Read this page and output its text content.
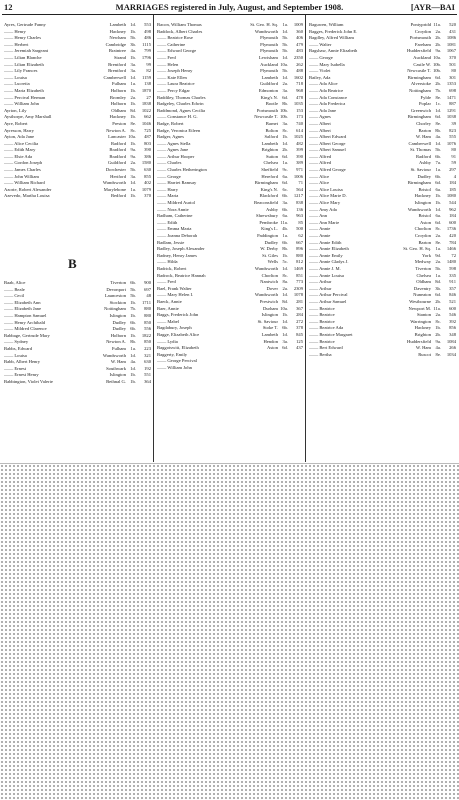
12	MARRIAGES registered in July, August, and September 1908.	[AYR—BAI
Ayres, Gertrude Fanny	Lambeth 1d. 553
—— Henry	Hackney 1b. 498
—— Henry Charles	Newham 5b. 486
—— Herbert	Cambridge 3b. 1115
—— Jeremiah Sargeant	Braintree 4a. 799
—— Lilian Blanche	Strand 1b. 1796
—— Lilian Elizabeth	Brentford 3a. 99
—— Lily Frances	Brentford 3a. 82
—— Louisa	Camberwell 1d. 1159
—— Lucretia	Fulham 1a. 138
—— Maria Elizabeth	Holborn 1b. 1870
—— Percival Herman	Bromley 2a. 27
—— William John	Holborn 1b. 1838
Ayrton, Lily	Oldham 8d. 1022
Aysthorpe, Amy Marshall	Hackney 1b. 662
Ayre, Robert	Preston 8e. 1046
Ayresson, Harry	Newton A. 8c. 725
Ayton, Ada Jane	Lancaster 10a. 487
—— Alice Cecilia	Radford 1b. 803
—— Edith Mary	Bradford 9a. 390
—— Elsie Ada	Bradford 9a. 386
—— Gordon Joseph	Guildford 2a. 1580
—— James Charles	Dorchester 5b. 630
—— John William	Hertford 3a. 855
—— William Richard	Wandsworth 1d. 402
Azorie, Robert Alexander	Marylebone 1a. 1079
Azevedo, Martha Louisa	Bedford 1b. 370
B
Baab, Alice	Tiverton 6b. 900
—— Beale	Devonport 5b. 697
—— Cecil	Launceston 5b. 48
—— Elizabeth Ann	Stockton 1b. 1711
—— Elizabeth Jane	Nottingham 7b. 880
—— Hampton Samuel	Islington 1b. 880
—— Henry Archibald	Dudley 6b. 850
—— Mildred Clarence	Dudley 6b. 556
Babbage, Gertrude Mary	Holborn 1b. 1822
—— Sydney	Newton A. 8b. 850
Babbs, Edward	Fulham 1a. 223
—— Louisa	Wandsworth 1d. 321
Babb, Albert Henry	W. Ham 4a. 630
—— Ernest	Southwark 1d. 192
—— Ernest Henry	Islington 1b. 551
Babbington, Violet Valerie	Bethnal G. 1b. 364
Bacon, William Thomas	St. Geo. H. Sq. 1a. 1009
Baddock, Albert Charles	Wandsworth 1d. 360
—— Beatrice Rose	Plymouth 5b. 406
—— Catherine	Plymouth 5b. 479
—— Edward George	Plymouth 5b. 483
—— Fred	Lewisham 1d. 2350
—— Helen	Auckland 10a. 262
—— Joseph Henry	Plymouth 5b. 488
—— Kate Ellen	Lambeth 1d. 1602
—— Laura Beatrice	Guildford 2a. 718
—— Percy Edgar	Edmonton 3a. 968
Baddiley, Thomas Charles	King's N. 6d. 478
Badgeley, Charles Edwin	Bootle 8b. 1035
Baddmond, Agnes Cecilia	Portsmouth 10b. 153
—— Constance H. G.	Newcastle T. 10b. 173
Badge, Robert	Barnet 3a. 740
Badge, Veronica Eileen	Bolton 8c. 614
Badger, Agnes	Salford 1b. 1025
—— Agnes Stella	Lambeth 1d. 482
—— Agnes Jane	Brighton 2b. 399
—— Arthur Hooper	Sutton 6d. 390
—— Charles	Chelsea 1a. 389
—— Charles Hetherington	Sheffield 9c. 971
—— George	Hereford 6a. 1006
—— Harriet Ramsay	Birmingham 6d. 71
—— Harry	King's N. 6c. 564
—— Maria	Blackford 6b. 1217
—— Mildred Auriol	Beaconsfield 3a. 838
—— Nora Annie	Ashby 6b. 136
Badham, Catherine	Shrewsbury 6a. 963
—— Edith	Pembroke 11a. 85
—— Emma Maria	King's L. 4b. 500
—— Joanna Deborah	Paddington 1a. 62
Badlam, Jessie	Dudley 6b. 667
Badley, Joseph Alexander	W. Derby 8b. 896
Badney, Henry James	St. Giles 1b. 880
—— Hilda	Wells 5c. 812
Badrick, Robert	Wandsworth 1d. 1469
Badrock, Beatrice Hannah	Chorlton 8c. 851
—— Fred	Nantwich 8a. 773
Bael, Frank Walter	Dover 2a. 2309
—— Mary Helen I.	Wandsworth 1d. 1078
Baeck, Annie	Prestwich 8d. 281
Baer, Annie	Durham 10a. 367
Baggs, Frederick John	Islington 1b. 284
—— Mabel	St. Saviour 1d. 272
Bagdabury, Joseph	Stoke T. 6b. 378
Bagge, Elizabeth Alice	Lambeth 1d. 845
—— Lydia	Hendon 3a. 125
Baggotswitt, Elizabeth	Aston 6d. 437
Baggerty, Emily
—— George Percival
—— William John
Baguwen, William	Pontypridd 11a. 520
Bagges, Frederick John E.	Croydon 2a. 431
Bagdley, Alfred William	Portsmouth 2b. 1086
—— Walter	Fareham 2b. 1081
Bagshaw, Annie Elizabeth	Huddersfield 9a. 1067
—— George	Auckland 10a. 370
—— Mary Isabella	Castle W. 10b. 501
—— Violet	Newcastle T. 10b. 80
Bailey, Ada	Birmingham 6d. 301
—— Ada Alice	Alverstoke 2b. 1353
—— Ada Beatrice	Nottingham 7b. 698
—— Ada Constance	Fylde 8e. 1471
—— Ada Frederica	Poplar 1c. 887
—— Ada Jane	Greenwich 1d. 1291
—— Agnes	Birmingham 6d. 1038
—— Albert	Chorley 8e. 39
—— Albert	Barton 8b. 823
—— Albert Edward	W. Ham 4a. 555
—— Albert George	Camberwell 1d. 1076
—— Albert Samuel	St. Thomas 5b. 80
—— Alfred	Radford 6b. 91
—— Alfred	Ashby 7a. 59
—— Alfred George	St. Saviour 1a. 297
—— Alice	Dudley 6b.	4
—— Alice	Birmingham 6d. 184
—— Alice Louisa	Bristol 6a. 185
—— Alice Marie D.	Hackney 1b. 1080
—— Alice Mary	Islington 1b. 544
—— Amy Ada	Wandsworth 1d. 962
—— Ann	Bristol 6a. 184
—— Ann Marie	Aston 6d. 600
—— Annie	Chorlton 8c. 1736
—— Annie	Croydon 2a. 420
—— Annie Edith	Barton 8e. 784
—— Annie Elizabeth	St. Geo. H. Sq. 1a. 1466
—— Annie Emily	York 9d. 72
—— Annie Gladys J.	Medway 2a. 1480
—— Annie J. M.	Tiverton 5b. 598
—— Annie Louisa	Chelsea 1a. 335
—— Arthur	Oldham 8d. 911
—— Arthur	Daventry 3b. 357
—— Arthur Percival	Nuneaton 6d. 846
—— Arthur Samuel	Westbourne 2b. 521
—— Beatrice	Newport M. 11a. 600
—— Beatrice	Stanton 2a. 546
—— Beatrice	Warrington 8c. 392
—— Beatrice Ada	Hackney 1b. 856
—— Beatrice Margaret	Brighton 2b. 348
—— Beatrice	Huddersfield 9a. 1084
—— Bert Edward	W. Ham 4a. 266
—— Bertha	Ruscot 8e. 1034
